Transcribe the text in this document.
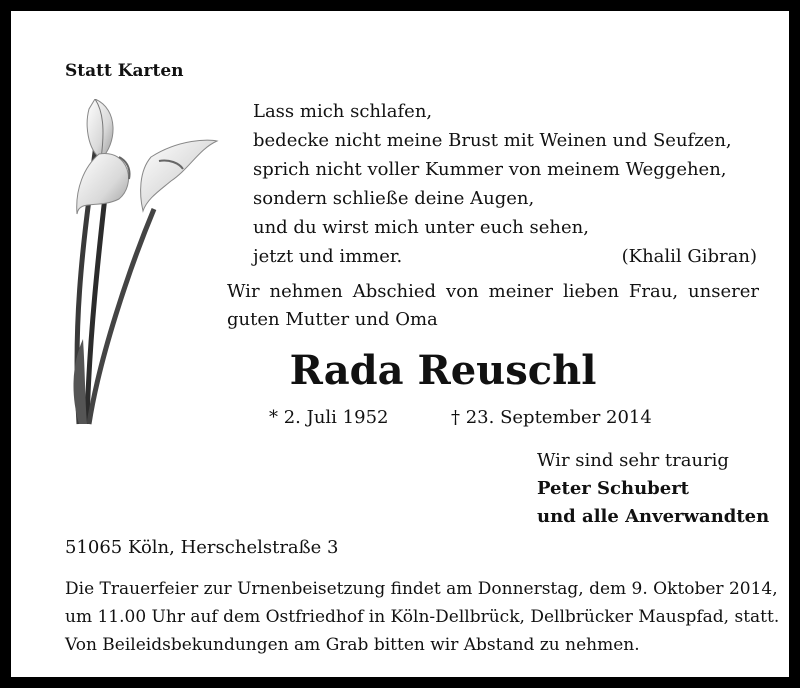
Statt Karten
Lass mich schlafen,
bedecke nicht meine Brust mit Weinen und Seufzen,
sprich nicht voller Kummer von meinem Weggehen,
sondern schließe deine Augen,
und du wirst mich unter euch sehen,
jetzt und immer.	(Khalil Gibran)
Wir nehmen Abschied von meiner lieben Frau, unserer guten Mutter und Oma
Rada Reuschl
* 2. Juli 1952	† 23. September 2014
Wir sind sehr traurig
Peter Schubert
und alle Anverwandten
51065 Köln, Herschelstraße 3
Die Trauerfeier zur Urnenbeisetzung findet am Donnerstag, dem 9. Oktober 2014,
um 11.00 Uhr auf dem Ostfriedhof in Köln-Dellbrück, Dellbrücker Mauspfad, statt.
Von Beileidsbekundungen am Grab bitten wir Abstand zu nehmen.
